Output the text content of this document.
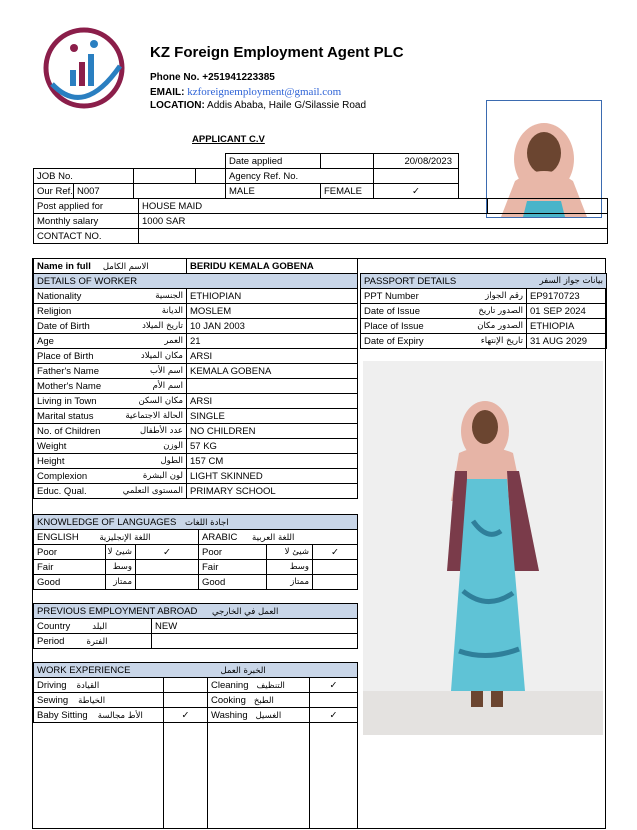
KZ Foreign Employment Agent PLC
Phone No. +251941223385
EMAIL: kzforeignemployment@gmail.com
LOCATION: Addis Ababa, Haile G/Silassie Road
APPLICANT C.V
				Date applied		20/08/2023
JOB No.				Agency Ref. No.		
Our Ref.	N007			MALE	FEMALE	✓
Post applied for	HOUSE MAID	
Monthly salary	1000 SAR	
CONTACT NO.		
Name in full الاسم الكامل	BERIDU KEMALA GOBENA
DETAILS OF WORKER	
Nationality الجنسية	ETHIOPIAN
Religion الديانة	MOSLEM
Date of Birth تاريخ الميلاد	10 JAN 2003
Age العمر	21
Place of Birth مكان الميلاد	ARSI
Father's Name اسم الأب	KEMALA GOBENA
Mother's Name اسم الأم	

Living in Town مكان السكن	ARSI
Marital status الحالة الاجتماعية	SINGLE
No. of Children عدد الأطفال	NO CHILDREN
Weight الوزن	57 KG
Height الطول	157 CM
Complexion لون البشرة	LIGHT SKINNED
Educ. Qual. المستوى التعلمي	PRIMARY SCHOOL
PASSPORT DETAILS بيانات جواز السفر	

PPT Number رقم الجواز	EP9170723
Date of Issue الصدور تاريخ	01 SEP 2024
Place of Issue الصدور مكان	ETHIOPIA
Date of Expiry تاريخ الإنتهاء	31 AUG 2029
KNOWLEDGE OF LANGUAGES اجادة اللغات					
ENGLISH اللغة الإنجليزية			ARABIC اللغة العربية		
Poor	شيئ لا	✓	Poor	شيئ لا	✓
Fair	وسط		Fair	وسط	
Good	ممتاز		Good	ممتاز	
PREVIOUS EMPLOYMENT ABROAD العمل في الخارجي	
Country البلد	NEW
Period الفترة	
WORK EXPERIENCE الخبرة العمل			
Driving القيادة		Cleaning التنظيف	✓
Sewing الخياطة		Cooking الطبخ	
Baby Sitting الأط مجالسة	✓	Washing الغسيل	✓
